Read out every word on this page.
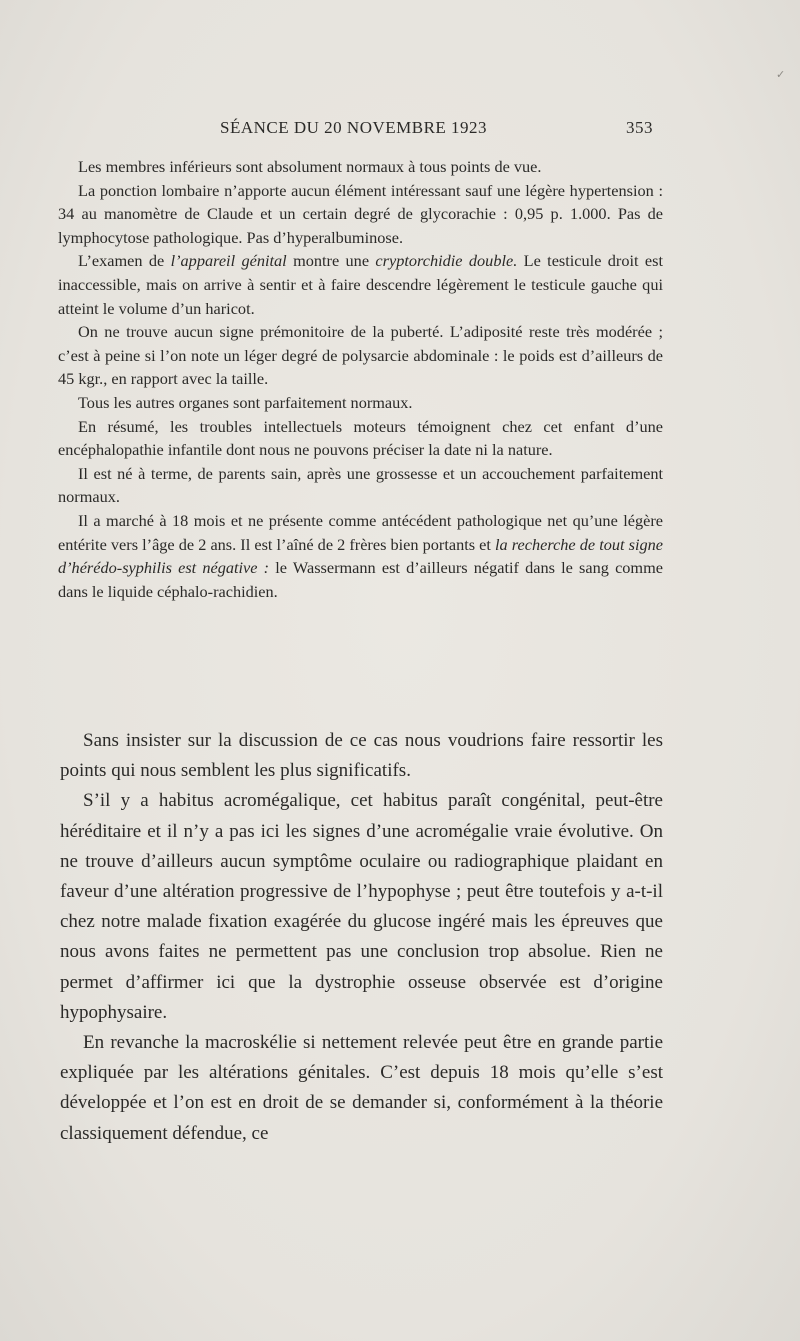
✓
SÉANCE DU 20 NOVEMBRE 1923	353

Les membres inférieurs sont absolument normaux à tous points de vue.

La ponction lombaire n’apporte aucun élément intéressant sauf une légère hypertension : 34 au manomètre de Claude et un certain degré de glycorachie : 0,95 p. 1.000. Pas de lymphocytose pathologique. Pas d’hyperalbuminose.

L’examen de l’appareil génital montre une cryptorchidie double. Le testicule droit est inaccessible, mais on arrive à sentir et à faire descendre légèrement le testicule gauche qui atteint le volume d’un haricot.

On ne trouve aucun signe prémonitoire de la puberté. L’adiposité reste très modérée ; c’est à peine si l’on note un léger degré de polysarcie abdominale : le poids est d’ailleurs de 45 kgr., en rapport avec la taille.

Tous les autres organes sont parfaitement normaux.

En résumé, les troubles intellectuels moteurs témoignent chez cet enfant d’une encéphalopathie infantile dont nous ne pouvons préciser la date ni la nature.

Il est né à terme, de parents sain, après une grossesse et un accouchement parfaitement normaux.

Il a marché à 18 mois et ne présente comme antécédent pathologique net qu’une légère entérite vers l’âge de 2 ans. Il est l’aîné de 2 frères bien portants et la recherche de tout signe d’hérédo-syphilis est négative : le Wassermann est d’ailleurs négatif dans le sang comme dans le liquide céphalo-rachidien.

Sans insister sur la discussion de ce cas nous voudrions faire ressortir les points qui nous semblent les plus significatifs.

S’il y a habitus acromégalique, cet habitus paraît congénital, peut-être héréditaire et il n’y a pas ici les signes d’une acromégalie vraie évolutive. On ne trouve d’ailleurs aucun symptôme oculaire ou radiographique plaidant en faveur d’une altération progressive de l’hypophyse ; peut être toutefois y a-t-il chez notre malade fixation exagérée du glucose ingéré mais les épreuves que nous avons faites ne permettent pas une conclusion trop absolue. Rien ne permet d’affirmer ici que la dystrophie osseuse observée est d’origine hypophysaire.

En revanche la macroskélie si nettement relevée peut être en grande partie expliquée par les altérations génitales. C’est depuis 18 mois qu’elle s’est développée et l’on est en droit de se demander si, conformément à la théorie classiquement défendue, ce
